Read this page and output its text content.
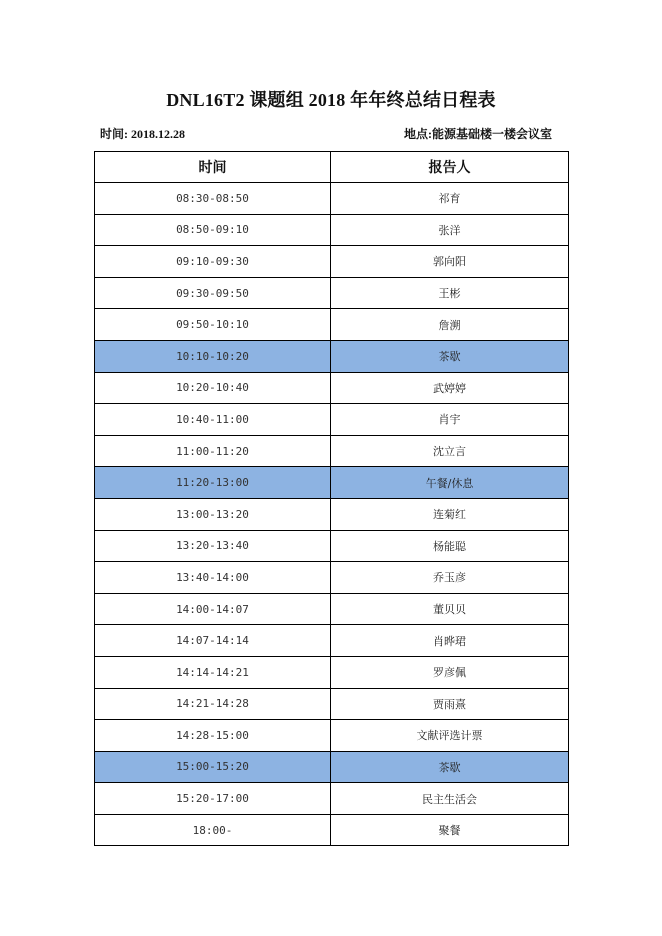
DNL16T2 课题组 2018 年年终总结日程表
时间: 2018.12.28	地点:能源基础楼一楼会议室
时间	报告人
08:30-08:50	祁育
08:50-09:10	张洋
09:10-09:30	郭向阳
09:30-09:50	王彬
09:50-10:10	詹溯
10:10-10:20	茶歇
10:20-10:40	武婷婷
10:40-11:00	肖宇
11:00-11:20	沈立言
11:20-13:00	午餐/休息
13:00-13:20	连菊红
13:20-13:40	杨能聪
13:40-14:00	乔玉彦
14:00-14:07	董贝贝
14:07-14:14	肖晔珺
14:14-14:21	罗彦佩
14:21-14:28	贾雨熹
14:28-15:00	文献评选计票
15:00-15:20	茶歇
15:20-17:00	民主生活会
18:00-	聚餐
